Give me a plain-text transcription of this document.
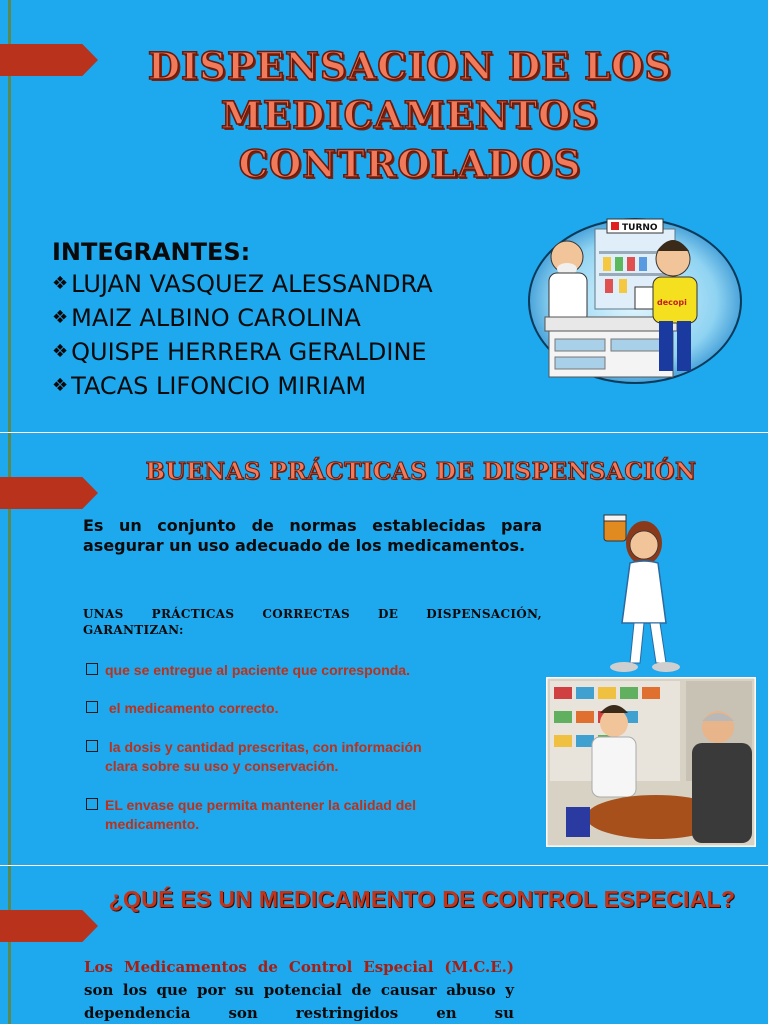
DISPENSACION DE LOS
MEDICAMENTOS
CONTROLADOS
INTEGRANTES:
❖ LUJAN VASQUEZ ALESSANDRA
❖ MAIZ ALBINO CAROLINA
❖ QUISPE HERRERA GERALDINE
❖ TACAS LIFONCIO MIRIAM
TURNO
decopi
BUENAS PRÁCTICAS DE DISPENSACIÓN
Es un conjunto de normas establecidas para asegurar un uso adecuado de los medicamentos.
UNAS PRÁCTICAS CORRECTAS DE DISPENSACIÓN, GARANTIZAN:
que se entregue al paciente que corresponda.
el medicamento correcto.
la dosis y cantidad prescritas, con información
clara sobre su uso y conservación.
EL envase que permita mantener la calidad del
medicamento.
¿QUÉ ES UN MEDICAMENTO DE CONTROL ESPECIAL?
Los Medicamentos de Control Especial (M.C.E.) son los que por su potencial de causar abuso y dependencia son restringidos en su
